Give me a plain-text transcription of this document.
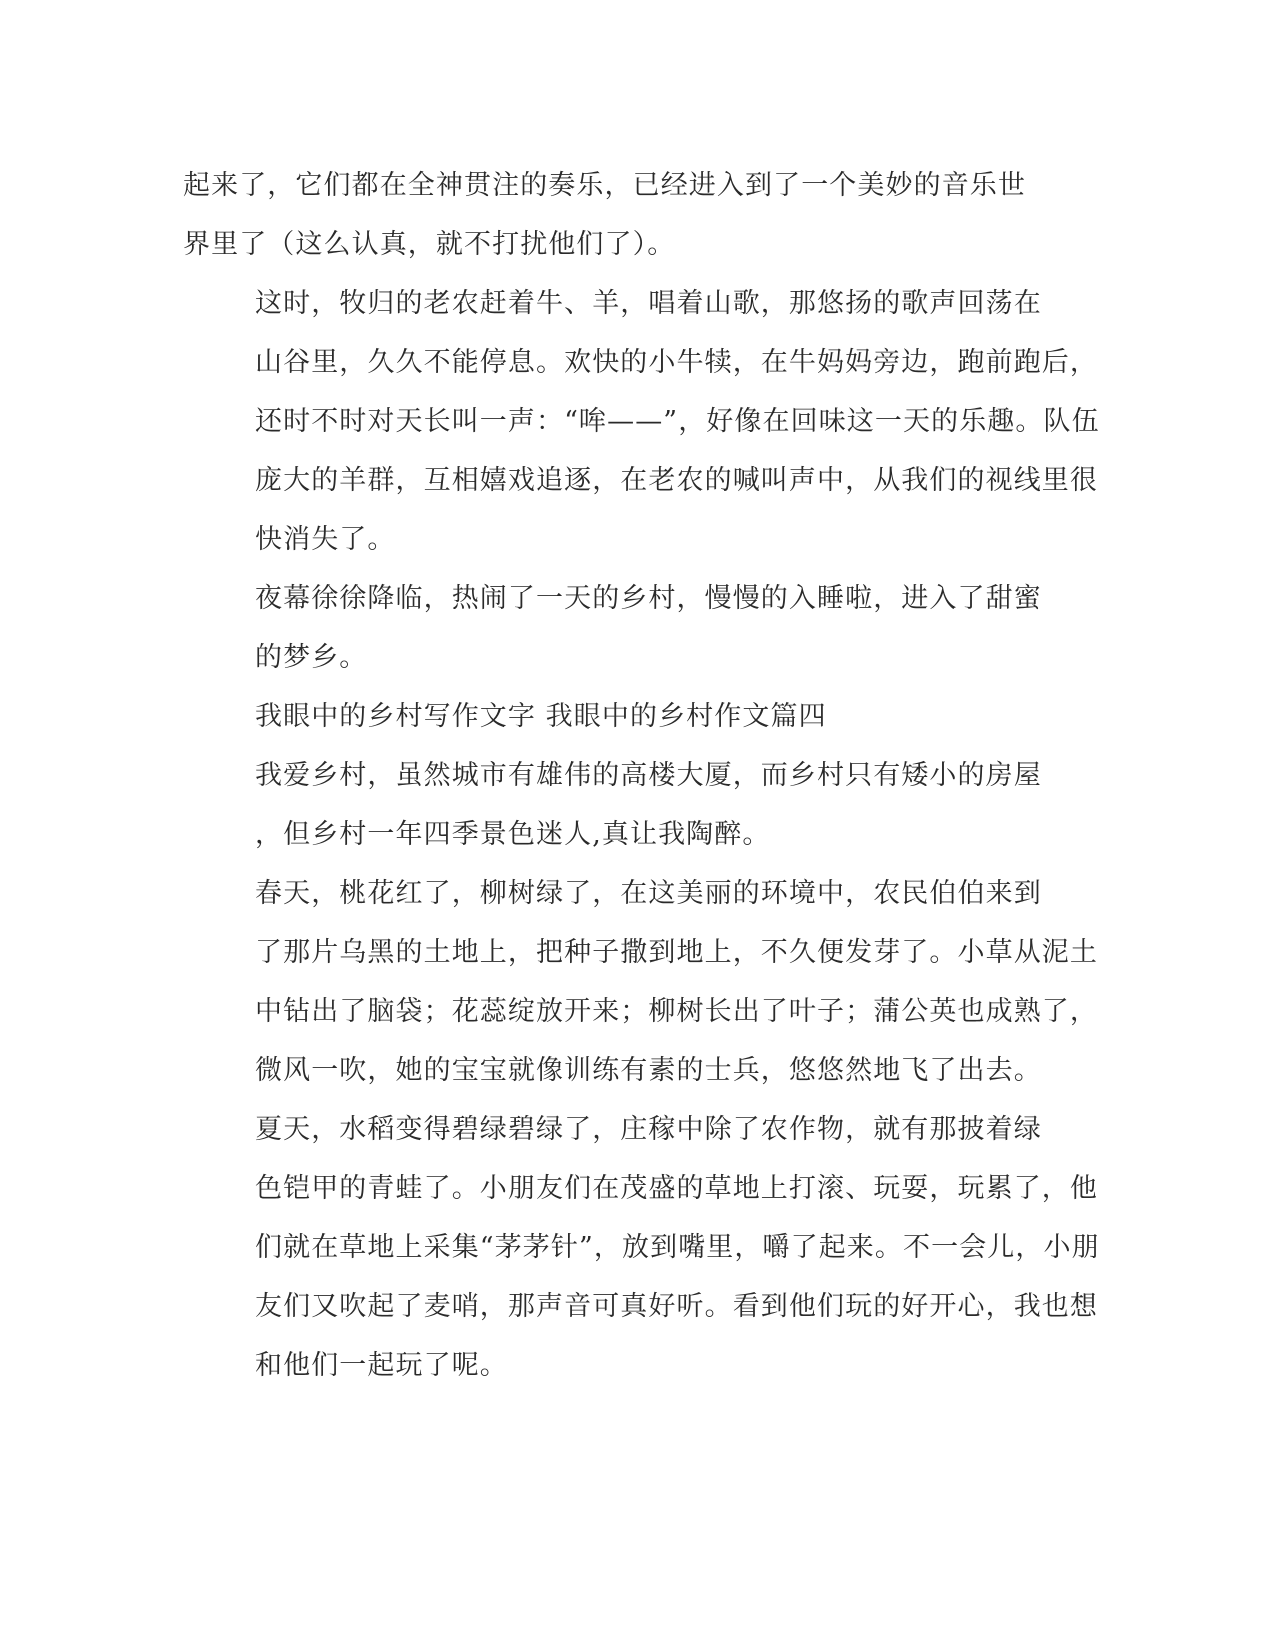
起来了，它们都在全神贯注的奏乐，已经进入到了一个美妙的音乐世
界里了（这么认真，就不打扰他们了）。

这时，牧归的老农赶着牛、羊，唱着山歌，那悠扬的歌声回荡在
山谷里，久久不能停息。欢快的小牛犊，在牛妈妈旁边，跑前跑后，
还时不时对天长叫一声：“哞——”，好像在回味这一天的乐趣。队伍
庞大的羊群，互相嬉戏追逐，在老农的喊叫声中，从我们的视线里很
快消失了。

夜幕徐徐降临，热闹了一天的乡村，慢慢的入睡啦，进入了甜蜜
的梦乡。

我眼中的乡村写作文字 我眼中的乡村作文篇四

我爱乡村，虽然城市有雄伟的高楼大厦，而乡村只有矮小的房屋
，但乡村一年四季景色迷人,真让我陶醉。

春天，桃花红了，柳树绿了，在这美丽的环境中，农民伯伯来到
了那片乌黑的土地上，把种子撒到地上，不久便发芽了。小草从泥土
中钻出了脑袋；花蕊绽放开来；柳树长出了叶子；蒲公英也成熟了，
微风一吹，她的宝宝就像训练有素的士兵，悠悠然地飞了出去。

夏天，水稻变得碧绿碧绿了，庄稼中除了农作物，就有那披着绿
色铠甲的青蛙了。小朋友们在茂盛的草地上打滚、玩耍，玩累了，他
们就在草地上采集“茅茅针”，放到嘴里，嚼了起来。不一会儿，小朋
友们又吹起了麦哨，那声音可真好听。看到他们玩的好开心，我也想
和他们一起玩了呢。
